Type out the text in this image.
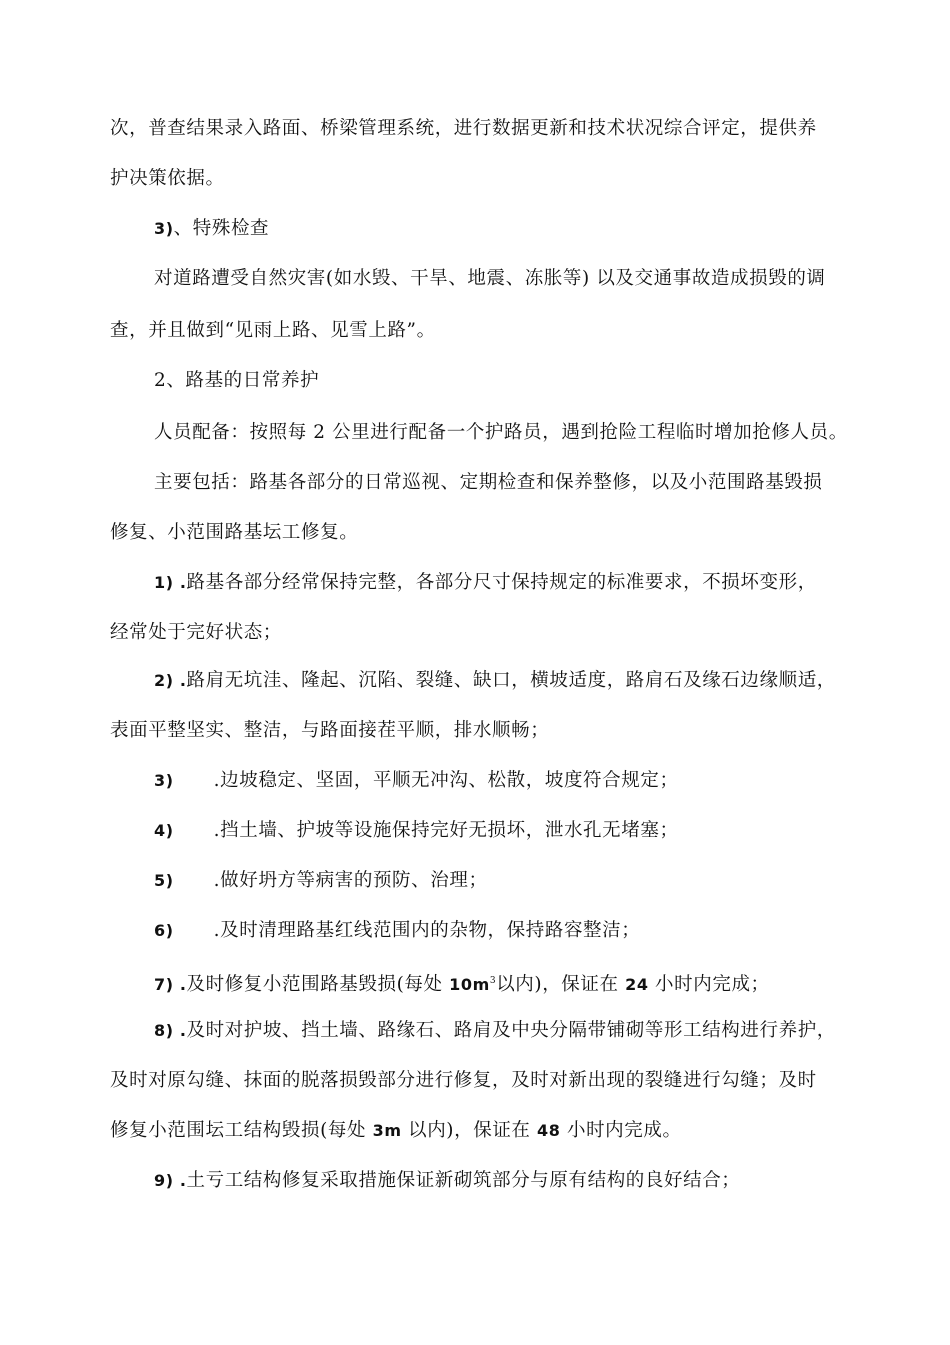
次，普查结果录入路面、桥梁管理系统，进行数据更新和技术状况综合评定，提供养
护决策依据。
3)、特殊检查
对道路遭受自然灾害(如水毁、干旱、地震、冻胀等) 以及交通事故造成损毁的调
查，并且做到“见雨上路、见雪上路”。
2、路基的日常养护
人员配备：按照每 2 公里进行配备一个护路员，遇到抢险工程临时增加抢修人员。
主要包括：路基各部分的日常巡视、定期检查和保养整修，以及小范围路基毁损
修复、小范围路基坛工修复。
1) .路基各部分经常保持完整，各部分尺寸保持规定的标准要求，不损坏变形，
经常处于完好状态；
2) .路肩无坑洼、隆起、沉陷、裂缝、缺口，横坡适度，路肩石及缘石边缘顺适，
表面平整坚实、整洁，与路面接茬平顺，排水顺畅；
3) .边坡稳定、坚固，平顺无冲沟、松散，坡度符合规定；
4) .挡土墙、护坡等设施保持完好无损坏，泄水孔无堵塞；
5) .做好坍方等病害的预防、治理；
6) .及时清理路基红线范围内的杂物，保持路容整洁；
7) .及时修复小范围路基毁损(每处 $10m^3$以内)，保证在 24 小时内完成；
8) .及时对护坡、挡土墙、路缘石、路肩及中央分隔带铺砌等形工结构进行养护，
及时对原勾缝、抹面的脱落损毁部分进行修复，及时对新出现的裂缝进行勾缝；及时
修复小范围坛工结构毁损(每处 3m 以内)，保证在 48 小时内完成。
9) .土亏工结构修复采取措施保证新砌筑部分与原有结构的良好结合；
